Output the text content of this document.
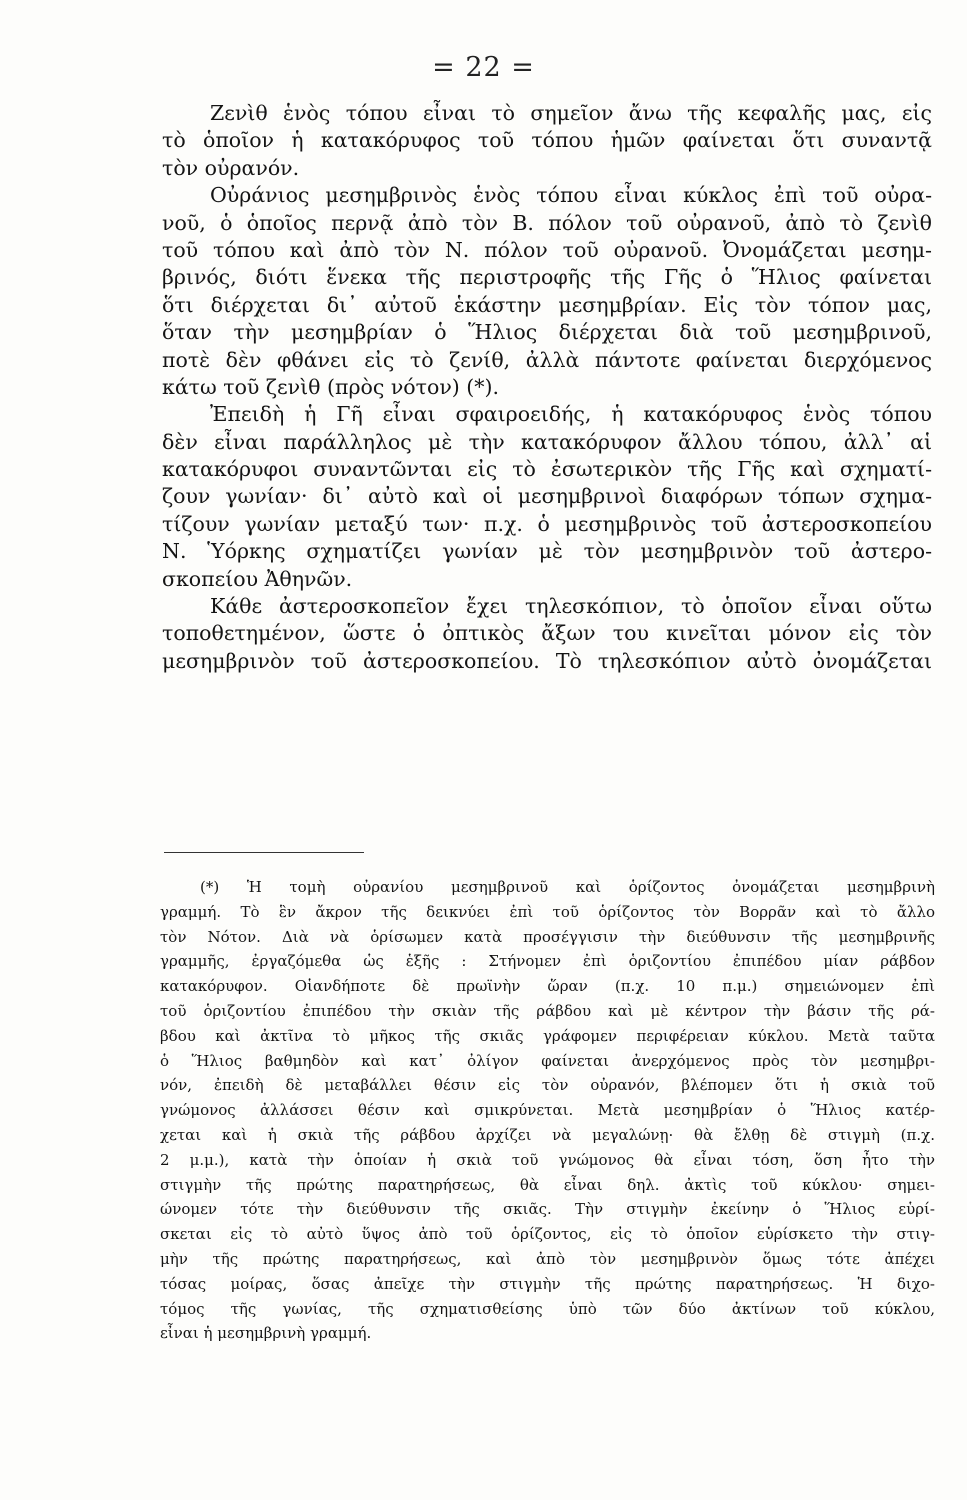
= 22 =
Ζενὶθ ἑνὸς τόπου εἶναι τὸ σημεῖον ἄνω τῆς κεφαλῆς μας, εἰς
τὸ ὁποῖον ἡ κατακόρυφος τοῦ τόπου ἡμῶν φαίνεται ὅτι συναντᾷ
τὸν οὐρανόν.
Οὐράνιος μεσημβρινὸς ἑνὸς τόπου εἶναι κύκλος ἐπὶ τοῦ οὐρα-
νοῦ, ὁ ὁποῖος περνᾷ ἀπὸ τὸν Β. πόλον τοῦ οὐρανοῦ, ἀπὸ τὸ ζενὶθ
τοῦ τόπου καὶ ἀπὸ τὸν Ν. πόλον τοῦ οὐρανοῦ. Ὀνομάζεται μεσημ-
βρινός, διότι ἕνεκα τῆς περιστροφῆς τῆς Γῆς ὁ Ἥλιος φαίνεται
ὅτι διέρχεται δι᾽ αὐτοῦ ἑκάστην μεσημβρίαν. Εἰς τὸν τόπον μας,
ὅταν τὴν μεσημβρίαν ὁ Ἥλιος διέρχεται διὰ τοῦ μεσημβρινοῦ,
ποτὲ δὲν φθάνει εἰς τὸ ζενίθ, ἀλλὰ πάντοτε φαίνεται διερχόμενος
κάτω τοῦ ζενὶθ (πρὸς νότον) (*).
Ἐπειδὴ ἡ Γῆ εἶναι σφαιροειδής, ἡ κατακόρυφος ἑνὸς τόπου
δὲν εἶναι παράλληλος μὲ τὴν κατακόρυφον ἄλλου τόπου, ἀλλ᾽ αἱ
κατακόρυφοι συναντῶνται εἰς τὸ ἐσωτερικὸν τῆς Γῆς καὶ σχηματί-
ζουν γωνίαν· δι᾽ αὐτὸ καὶ οἱ μεσημβρινοὶ διαφόρων τόπων σχημα-
τίζουν γωνίαν μεταξύ των· π.χ. ὁ μεσημβρινὸς τοῦ ἀστεροσκοπείου
Ν. Ὑόρκης σχηματίζει γωνίαν μὲ τὸν μεσημβρινὸν τοῦ ἀστερο-
σκοπείου Ἀθηνῶν.
Κάθε ἀστεροσκοπεῖον ἔχει τηλεσκόπιον, τὸ ὁποῖον εἶναι οὕτω
τοποθετημένον, ὥστε ὁ ὀπτικὸς ἄξων του κινεῖται μόνον εἰς τὸν
μεσημβρινὸν τοῦ ἀστεροσκοπείου. Τὸ τηλεσκόπιον αὐτὸ ὀνομάζεται
(*) Ἡ τομὴ οὐρανίου μεσημβρινοῦ καὶ ὁρίζοντος ὀνομάζεται μεσημβρινὴ
γραμμή. Τὸ ἓν ἄκρον τῆς δεικνύει ἐπὶ τοῦ ὁρίζοντος τὸν Βορρᾶν καὶ τὸ ἄλλο
τὸν Νότον. Διὰ νὰ ὁρίσωμεν κατὰ προσέγγισιν τὴν διεύθυνσιν τῆς μεσημβρινῆς
γραμμῆς, ἐργαζόμεθα ὡς ἑξῆς : Στήνομεν ἐπὶ ὁριζοντίου ἐπιπέδου μίαν ράβδον
κατακόρυφον. Οἱανδήποτε δὲ πρωϊνὴν ὥραν (π.χ. 10 π.μ.) σημειώνομεν ἐπὶ
τοῦ ὁριζοντίου ἐπιπέδου τὴν σκιὰν τῆς ράβδου καὶ μὲ κέντρον τὴν βάσιν τῆς ρά-
βδου καὶ ἀκτῖνα τὸ μῆκος τῆς σκιᾶς γράφομεν περιφέρειαν κύκλου. Μετὰ ταῦτα
ὁ Ἥλιος βαθμηδὸν καὶ κατ᾽ ὀλίγον φαίνεται ἀνερχόμενος πρὸς τὸν μεσημβρι-
νόν, ἐπειδὴ δὲ μεταβάλλει θέσιν εἰς τὸν οὐρανόν, βλέπομεν ὅτι ἡ σκιὰ τοῦ
γνώμονος ἀλλάσσει θέσιν καὶ σμικρύνεται. Μετὰ μεσημβρίαν ὁ Ἥλιος κατέρ-
χεται καὶ ἡ σκιὰ τῆς ράβδου ἀρχίζει νὰ μεγαλώνῃ· θὰ ἔλθῃ δὲ στιγμὴ (π.χ.
2 μ.μ.), κατὰ τὴν ὁποίαν ἡ σκιὰ τοῦ γνώμονος θὰ εἶναι τόση, ὅση ἦτο τὴν
στιγμὴν τῆς πρώτης παρατηρήσεως, θὰ εἶναι δηλ. ἀκτὶς τοῦ κύκλου· σημει-
ώνομεν τότε τὴν διεύθυνσιν τῆς σκιᾶς. Τὴν στιγμὴν ἐκείνην ὁ Ἥλιος εὑρί-
σκεται εἰς τὸ αὐτὸ ὕψος ἀπὸ τοῦ ὁρίζοντος, εἰς τὸ ὁποῖον εὑρίσκετο τὴν στιγ-
μὴν τῆς πρώτης παρατηρήσεως, καὶ ἀπὸ τὸν μεσημβρινὸν ὅμως τότε ἀπέχει
τόσας μοίρας, ὅσας ἀπεῖχε τὴν στιγμὴν τῆς πρώτης παρατηρήσεως. Ἡ διχο-
τόμος τῆς γωνίας, τῆς σχηματισθείσης ὑπὸ τῶν δύο ἀκτίνων τοῦ κύκλου,
εἶναι ἡ μεσημβρινὴ γραμμή.
